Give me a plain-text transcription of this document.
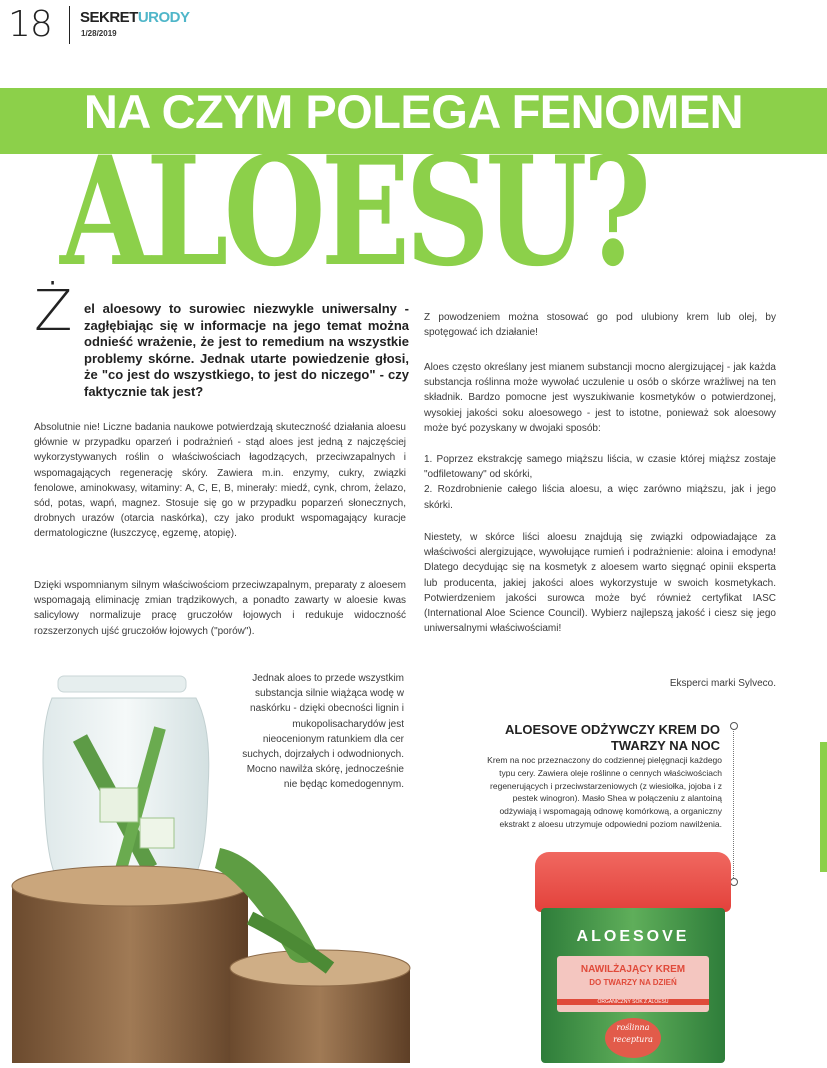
18 SEKRETURODY
1/28/2019
NA CZYM POLEGA FENOMEN
ALOESU?
Ż el aloesowy to surowiec niezwykle uniwersalny - zagłębiając się w informacje na jego temat można odnieść wrażenie, że jest to remedium na wszystkie problemy skórne. Jednak utarte powiedzenie głosi, że "co jest do wszystkiego, to jest do niczego" - czy faktycznie tak jest?

Absolutnie nie! Liczne badania naukowe potwierdzają skuteczność działania aloesu głównie w przypadku oparzeń i podrażnień - stąd aloes jest jedną z najczęściej wykorzystywanych roślin o właściwościach łagodzących, przeciwzapalnych i wspomagających regenerację skóry. Zawiera m.in. enzymy, cukry, związki fenolowe, aminokwasy, witaminy: A, C, E, B, minerały: miedź, cynk, chrom, żelazo, sód, potas, wapń, magnez. Stosuje się go w przypadku poparzeń słonecznych, drobnych urazów (otarcia naskórka), czy jako produkt wspomagający kuracje dermatologiczne (łuszczycę, egzemę, atopię).

Dzięki wspomnianym silnym właściwościom przeciwzapalnym, preparaty z aloesem wspomagają eliminację zmian trądzikowych, a ponadto zawarty w aloesie kwas salicylowy normalizuje pracę gruczołów łojowych i redukuje widoczność rozszerzonych ujść gruczołów łojowych ("porów").

Jednak aloes to przede wszystkim substancja silnie wiążąca wodę w naskórku - dzięki obecności lignin i mukopolisacharydów jest nieocenionym ratunkiem dla cer suchych, dojrzałych i odwodnionych. Mocno nawilża skórę, jednocześnie nie będąc komedogennym.

Z powodzeniem można stosować go pod ulubiony krem lub olej, by spotęgować ich działanie!

Aloes często określany jest mianem substancji mocno alergizującej - jak każda substancja roślinna może wywołać uczulenie u osób o skórze wrażliwej na ten składnik. Bardzo pomocne jest wyszukiwanie kosmetyków o potwierdzonej, wysokiej jakości soku aloesowego - jest to istotne, ponieważ sok aloesowy może być pozyskany w dwojaki sposób:

1. Poprzez ekstrakcję samego miąższu liścia, w czasie której miąższ zostaje "odfiletowany" od skórki,

2. Rozdrobnienie całego liścia aloesu, a więc zarówno miąższu, jak i jego skórki.

Niestety, w skórce liści aloesu znajdują się związki odpowiadające za właściwości alergizujące, wywołujące rumień i podrażnienie: aloina i emodyna! Dlatego decydując się na kosmetyk z aloesem warto sięgnąć opinii eksperta lub producenta, jakiej jakości aloes wykorzystuje w swoich kosmetykach. Potwierdzeniem jakości surowca może być również certyfikat IASC (International Aloe Science Council). Wybierz najlepszą jakość i ciesz się jego uniwersalnymi właściwościami!

Eksperci marki Sylveco.

ALOESOVE ODŻYWCZY KREM DO TWARZY NA NOC
Krem na noc przeznaczony do codziennej pielęgnacji każdego typu cery. Zawiera oleje roślinne o cennych właściwościach regenerujących i przeciwstarzeniowych (z wiesiołka, jojoba i z pestek winogron). Masło Shea w połączeniu z alantoiną odżywiają i wspomagają odnowę komórkową, a organiczny ekstrakt z aloesu utrzymuje odpowiedni poziom nawilżenia.
ALOESOVE
NAWILŻAJĄCY KREM
DO TWARZY NA DZIEŃ
ORGANICZNY SOK Z ALOESU
roślinna receptura
